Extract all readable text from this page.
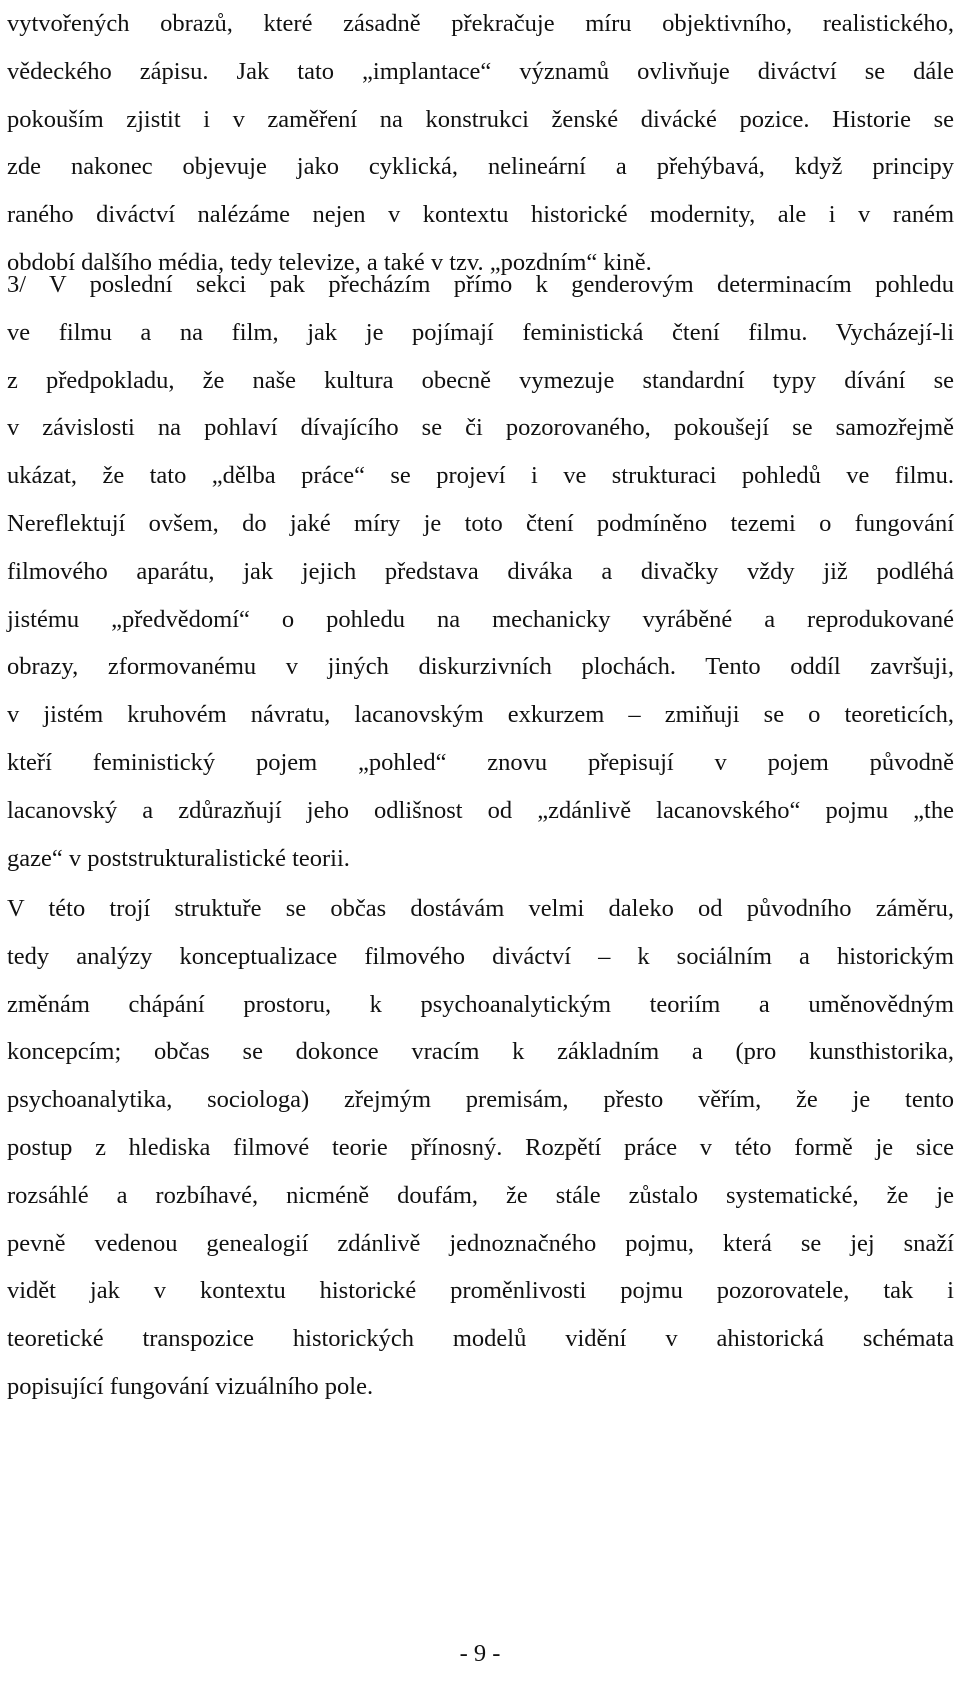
vytvořených obrazů, které zásadně překračuje míru objektivního, realistického,
vědeckého zápisu. Jak tato „implantace“ významů ovlivňuje diváctví se dále
pokouším zjistit i v zaměření na konstrukci ženské divácké pozice. Historie se
zde nakonec objevuje jako cyklická, nelineární a přehýbavá, když principy
raného diváctví nalézáme nejen v kontextu historické modernity, ale i v raném
období dalšího média, tedy televize, a také v tzv. „pozdním“ kině.
3/ V poslední sekci pak přecházím přímo k genderovým determinacím pohledu
ve filmu a na film, jak je pojímají feministická čtení filmu. Vycházejí-li
z předpokladu, že naše kultura obecně vymezuje standardní typy dívání se
v závislosti na pohlaví dívajícího se či pozorovaného, pokoušejí se samozřejmě
ukázat, že tato „dělba práce“ se projeví i ve strukturaci pohledů ve filmu.
Nereflektují ovšem, do jaké míry je toto čtení podmíněno tezemi o fungování
filmového aparátu, jak jejich představa diváka a divačky vždy již podléhá
jistému „předvědomí“ o pohledu na mechanicky vyráběné a reprodukované
obrazy, zformovanému v jiných diskurzivních plochách. Tento oddíl završuji,
v jistém kruhovém návratu, lacanovským exkurzem – zmiňuji se o teoreticích,
kteří feministický pojem „pohled“ znovu přepisují v pojem původně
lacanovský a zdůrazňují jeho odlišnost od „zdánlivě lacanovského“ pojmu „the
gaze“ v poststrukturalistické teorii.
V této trojí struktuře se občas dostávám velmi daleko od původního záměru,
tedy analýzy konceptualizace filmového diváctví – k sociálním a historickým
změnám chápání prostoru, k psychoanalytickým teoriím a uměnovědným
koncepcím; občas se dokonce vracím k základním a (pro kunsthistorika,
psychoanalytika, sociologa) zřejmým premisám, přesto věřím, že je tento
postup z hlediska filmové teorie přínosný. Rozpětí práce v této formě je sice
rozsáhlé a rozbíhavé, nicméně doufám, že stále zůstalo systematické, že je
pevně vedenou genealogií zdánlivě jednoznačného pojmu, která se jej snaží
vidět jak v kontextu historické proměnlivosti pojmu pozorovatele, tak i
teoretické transpozice historických modelů vidění v ahistorická schémata
popisující fungování vizuálního pole.
- 9 -
